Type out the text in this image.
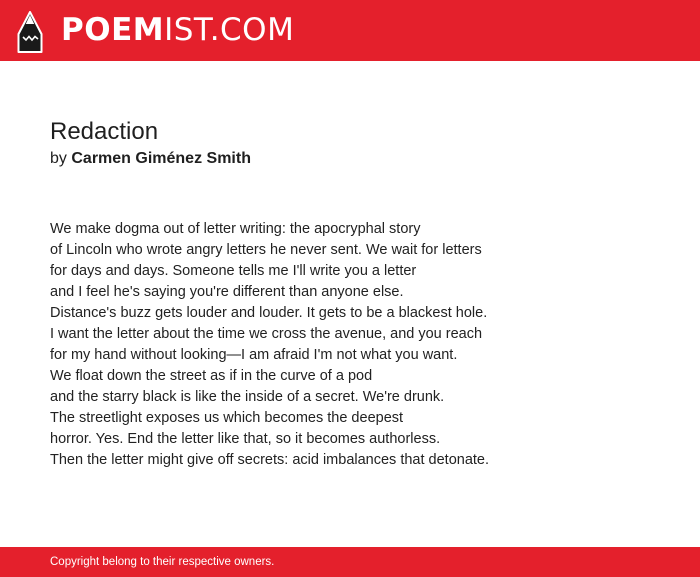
POEMIST.COM
Redaction
by Carmen Giménez Smith
We make dogma out of letter writing: the apocryphal story
of Lincoln who wrote angry letters he never sent. We wait for letters
for days and days. Someone tells me I'll write you a letter
and I feel he's saying you're different than anyone else.
Distance's buzz gets louder and louder. It gets to be a blackest hole.
I want the letter about the time we cross the avenue, and you reach
for my hand without looking—I am afraid I'm not what you want.
We float down the street as if in the curve of a pod
and the starry black is like the inside of a secret. We're drunk.
The streetlight exposes us which becomes the deepest
horror. Yes. End the letter like that, so it becomes authorless.
Then the letter might give off secrets: acid imbalances that detonate.
Copyright belong to their respective owners.
